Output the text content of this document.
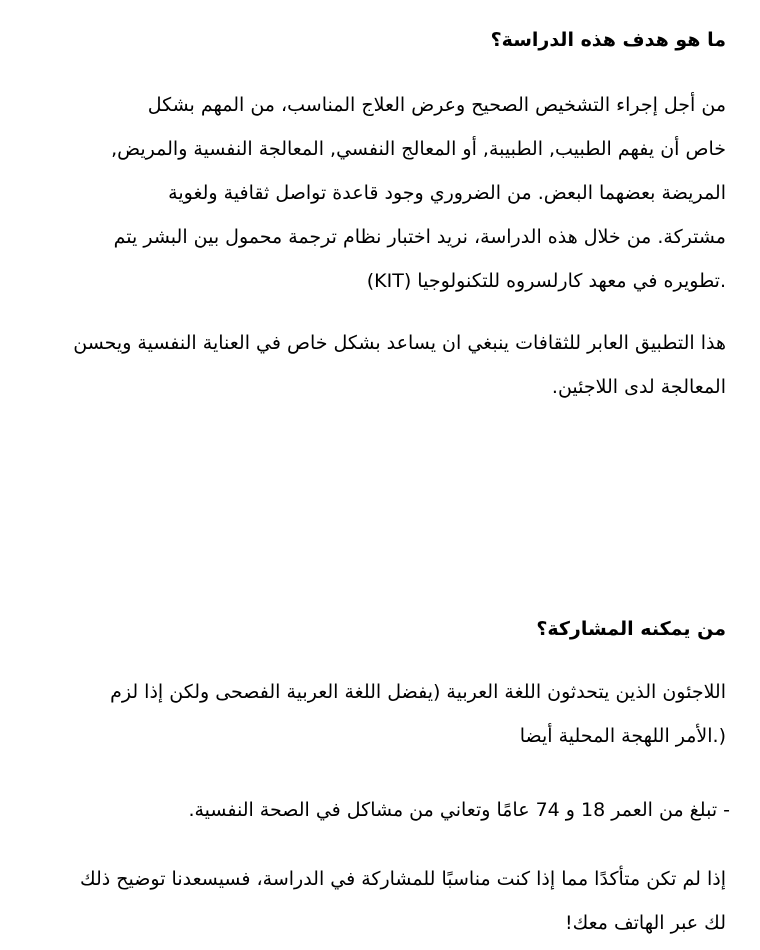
ما هو هدف هذه الدراسة؟
من أجل إجراء التشخيص الصحيح وعرض العلاج المناسب، من المهم بشكل
خاص أن يفهم الطبيب, الطبيبة, أو المعالج النفسي, المعالجة النفسية والمريض,
المريضة بعضهما البعض. من الضروري وجود قاعدة تواصل ثقافية ولغوية
مشتركة. من خلال هذه الدراسة، نريد اختبار نظام ترجمة محمول بين البشر يتم
(KIT) تطويره في معهد كارلسروه للتكنولوجيا.
هذا التطبيق العابر للثقافات ينبغي ان يساعد بشكل خاص في العناية النفسية ويحسن
.المعالجة لدى اللاجئين
من يمكنه المشاركة؟
اللاجئون الذين يتحدثون اللغة العربية (يفضل اللغة العربية الفصحى ولكن إذا لزم
الأمر اللهجة المحلية أيضا.)
- تبلغ من العمر 18 و 74 عامًا وتعاني من مشاكل في الصحة النفسية.
إذا لم تكن متأكدًا مما إذا كنت مناسبًا للمشاركة في الدراسة، فسيسعدنا توضيح ذلك
لك عبر الهاتف معك!
